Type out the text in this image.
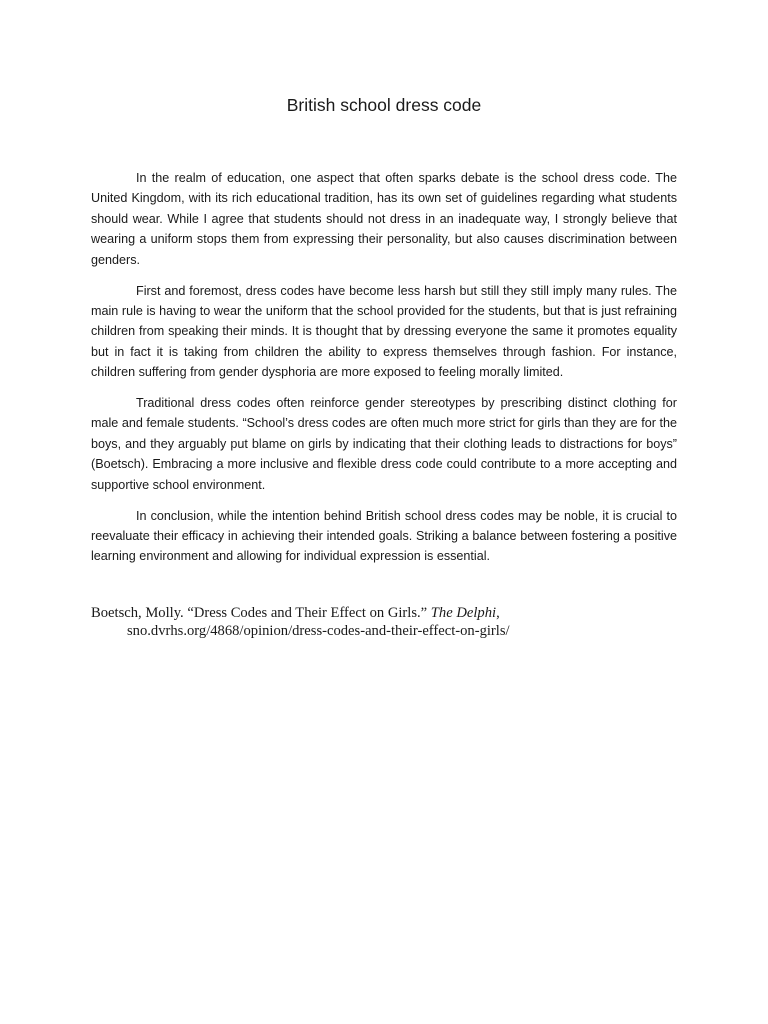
British school dress code

In the realm of education, one aspect that often sparks debate is the school dress code. The United Kingdom, with its rich educational tradition, has its own set of guidelines regarding what students should wear. While I agree that students should not dress in an inadequate way, I strongly believe that wearing a uniform stops them from expressing their personality, but also causes discrimination between genders.

First and foremost, dress codes have become less harsh but still they still imply many rules. The main rule is having to wear the uniform that the school provided for the students, but that is just refraining children from speaking their minds. It is thought that by dressing everyone the same it promotes equality but in fact it is taking from children the ability to express themselves through fashion. For instance, children suffering from gender dysphoria are more exposed to feeling morally limited.

Traditional dress codes often reinforce gender stereotypes by prescribing distinct clothing for male and female students. “School’s dress codes are often much more strict for girls than they are for the boys, and they arguably put blame on girls by indicating that their clothing leads to distractions for boys” (Boetsch). Embracing a more inclusive and flexible dress code could contribute to a more accepting and supportive school environment.

In conclusion, while the intention behind British school dress codes may be noble, it is crucial to reevaluate their efficacy in achieving their intended goals. Striking a balance between fostering a positive learning environment and allowing for individual expression is essential.

Boetsch, Molly. “Dress Codes and Their Effect on Girls.” The Delphi,
sno.dvrhs.org/4868/opinion/dress-codes-and-their-effect-on-girls/
